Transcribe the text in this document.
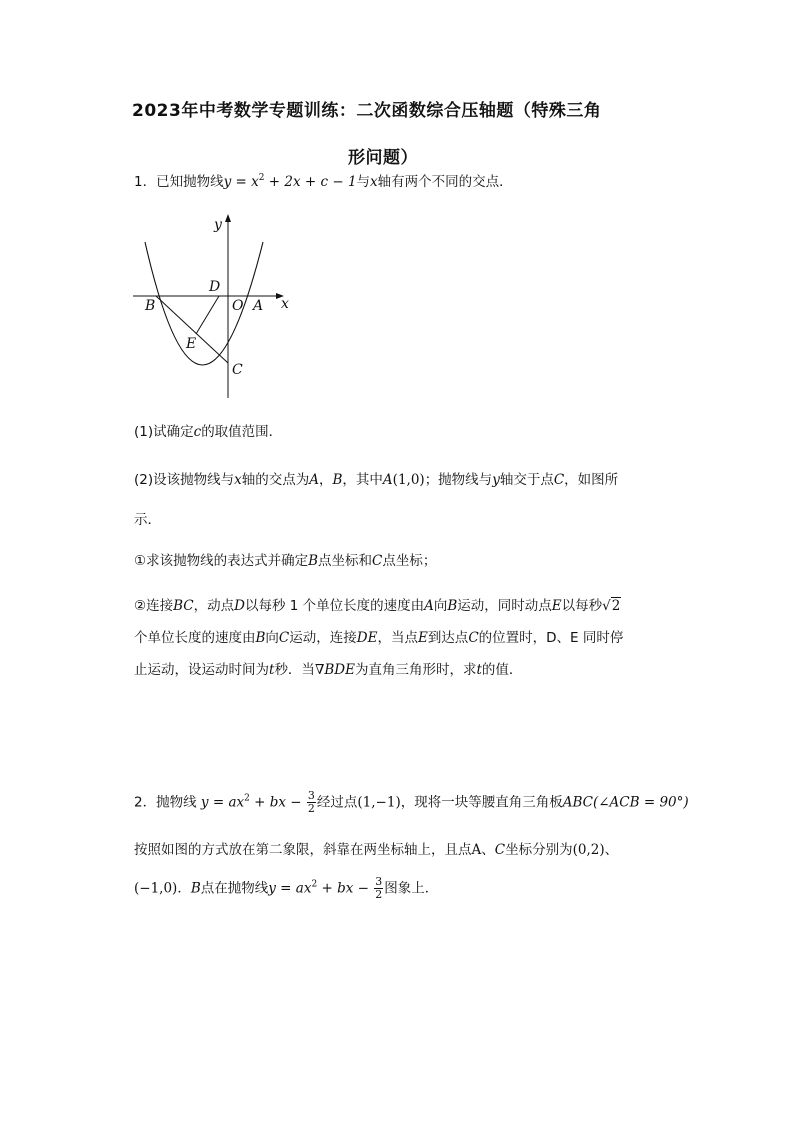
2023年中考数学专题训练：二次函数综合压轴题（特殊三角
形问题）
1．已知抛物线$y = x^2 + 2x + c - 1$与x轴有两个不同的交点．
y
x
D
O A
B
E
C
(1)试确定c的取值范围．
(2)设该抛物线与x轴的交点为A，B，其中A(1,0)；抛物线与y轴交于点C，如图所
示．
①求该抛物线的表达式并确定B点坐标和C点坐标；
②连接BC，动点D以每秒 1 个单位长度的速度由A向B运动，同时动点E以每秒√2
个单位长度的速度由B向C运动，连接DE，当点E到达点C的位置时，D、E 同时停
止运动，设运动时间为t秒．当∇BDE为直角三角形时，求t的值．
2．抛物线 $y = ax^2$ + bx − $\frac{3}{2}$ 经过点(1,−1)，现将一块等腰直角三角板ABC(∠ACB = 90°)
按照如图的方式放在第二象限，斜靠在两坐标轴上，且点A、C坐标分别为(0,2)、
(−1,0)．B点在抛物线$y = ax^2$ + bx − $\frac{3}{2}$ 图象上．
